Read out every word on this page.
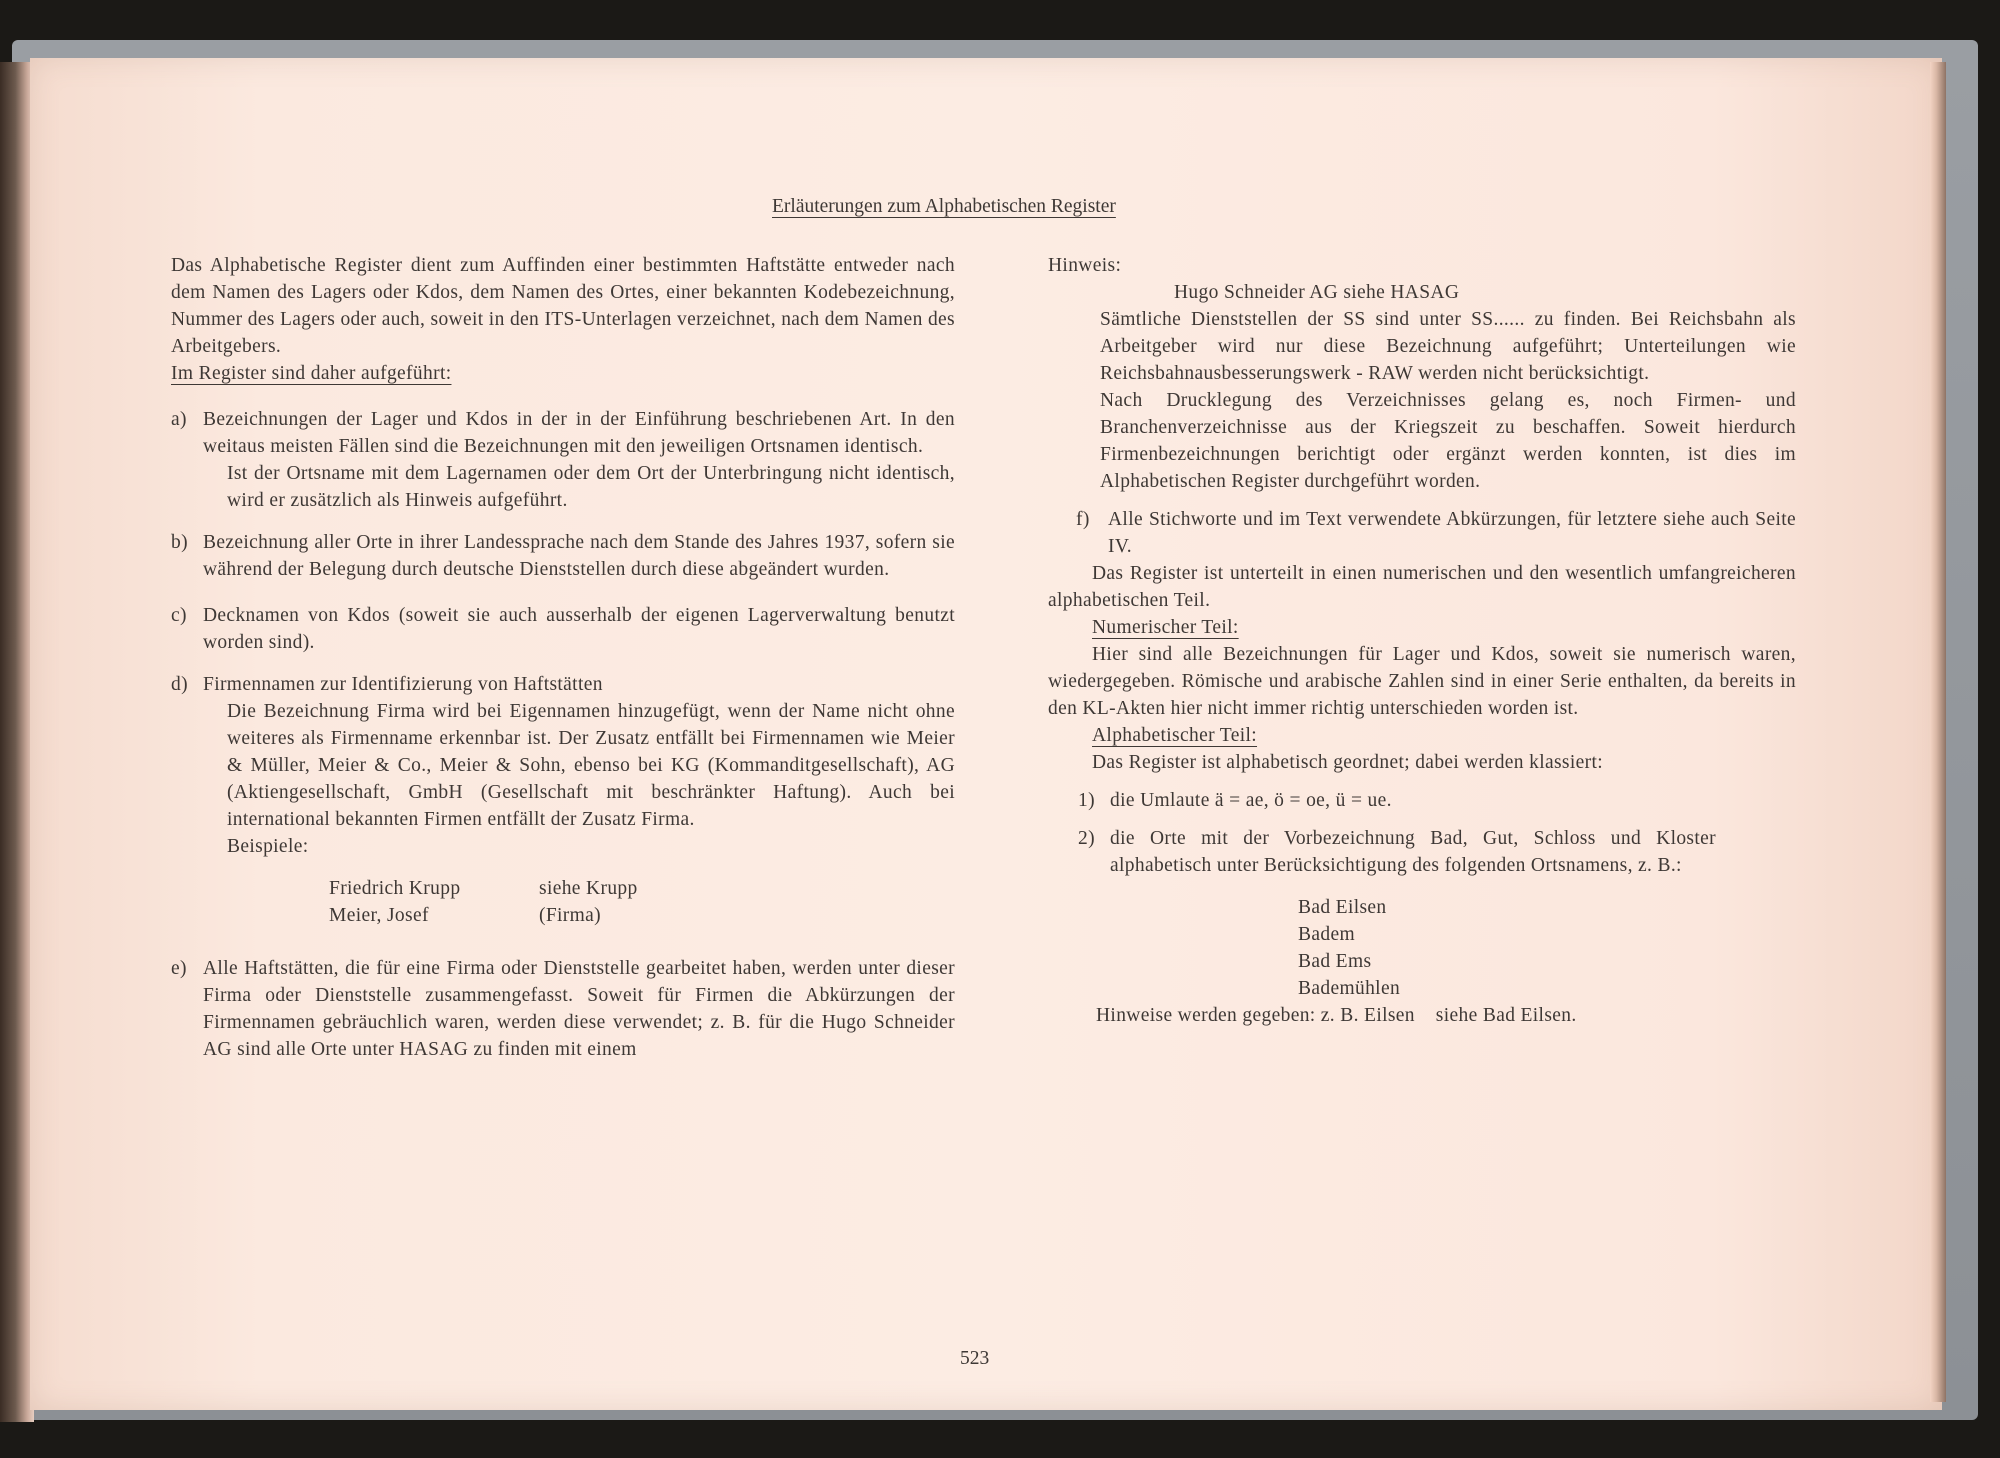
Erläuterungen zum Alphabetischen Register

Das Alphabetische Register dient zum Auffinden einer bestimmten Haftstätte entweder nach dem Namen des Lagers oder Kdos, dem Namen des Ortes, einer bekannten Kodebezeichnung, Nummer des Lagers oder auch, soweit in den ITS-Unterlagen verzeichnet, nach dem Namen des Arbeitgebers.

Im Register sind daher aufgeführt:

a) Bezeichnungen der Lager und Kdos in der in der Einführung beschriebenen Art. In den weitaus meisten Fällen sind die Bezeichnungen mit den jeweiligen Ortsnamen identisch.

Ist der Ortsname mit dem Lagernamen oder dem Ort der Unterbringung nicht identisch, wird er zusätzlich als Hinweis aufgeführt.

b) Bezeichnung aller Orte in ihrer Landessprache nach dem Stande des Jahres 1937, sofern sie während der Belegung durch deutsche Dienststellen durch diese abgeändert wurden.

c) Decknamen von Kdos (soweit sie auch ausserhalb der eigenen Lagerverwaltung benutzt worden sind).

d) Firmennamen zur Identifizierung von Haftstätten

Die Bezeichnung Firma wird bei Eigennamen hinzugefügt, wenn der Name nicht ohne weiteres als Firmenname erkennbar ist. Der Zusatz entfällt bei Firmennamen wie Meier & Müller, Meier & Co., Meier & Sohn, ebenso bei KG (Kommanditgesellschaft), AG (Aktiengesellschaft, GmbH (Gesellschaft mit beschränkter Haftung). Auch bei international bekannten Firmen entfällt der Zusatz Firma.

Beispiele:

Friedrich Krupp	siehe Krupp
Meier, Josef	(Firma)
e) Alle Haftstätten, die für eine Firma oder Dienststelle gearbeitet haben, werden unter dieser Firma oder Dienststelle zusammengefasst. Soweit für Firmen die Abkürzungen der Firmennamen gebräuchlich waren, werden diese verwendet; z. B. für die Hugo Schneider AG sind alle Orte unter HASAG zu finden mit einem

Hinweis:

Hugo Schneider AG siehe HASAG

Sämtliche Dienststellen der SS sind unter SS...... zu finden. Bei Reichsbahn als Arbeitgeber wird nur diese Bezeichnung aufgeführt; Unterteilungen wie Reichsbahnausbesserungswerk - RAW werden nicht berücksichtigt.

Nach Drucklegung des Verzeichnisses gelang es, noch Firmen- und Branchenverzeichnisse aus der Kriegszeit zu beschaffen. Soweit hierdurch Firmenbezeichnungen berichtigt oder ergänzt werden konnten, ist dies im Alphabetischen Register durchgeführt worden.

f) Alle Stichworte und im Text verwendete Abkürzungen, für letztere siehe auch Seite IV.

Das Register ist unterteilt in einen numerischen und den wesentlich umfangreicheren alphabetischen Teil.

Numerischer Teil:

Hier sind alle Bezeichnungen für Lager und Kdos, soweit sie numerisch waren, wiedergegeben. Römische und arabische Zahlen sind in einer Serie enthalten, da bereits in den KL-Akten hier nicht immer richtig unterschieden worden ist.

Alphabetischer Teil:

Das Register ist alphabetisch geordnet; dabei werden klassiert:

1) die Umlaute ä = ae, ö = oe, ü = ue.

2) die Orte mit der Vorbezeichnung Bad, Gut, Schloss und Kloster alphabetisch unter Berücksichtigung des folgenden Ortsnamens, z. B.:

Bad Eilsen
Badem
Bad Ems
Bademühlen

Hinweise werden gegeben: z. B. Eilsen    siehe Bad Eilsen.

523
